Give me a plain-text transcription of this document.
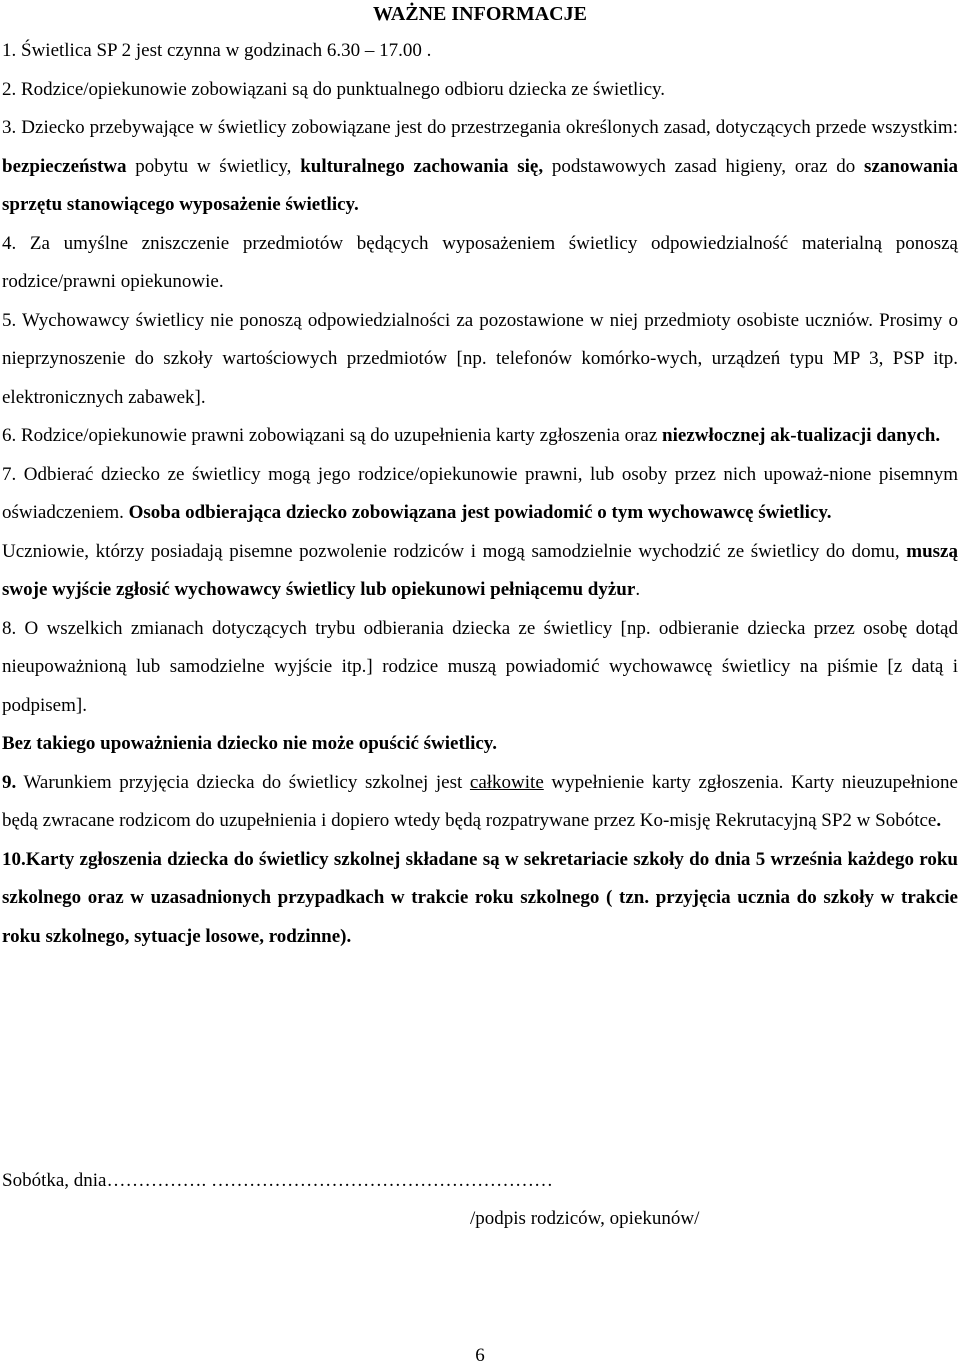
WAŻNE INFORMACJE

1. Świetlica SP 2 jest czynna w godzinach 6.30 – 17.00 .

2. Rodzice/opiekunowie zobowiązani są do punktualnego odbioru dziecka ze świetlicy.

3. Dziecko przebywające w świetlicy zobowiązane jest do przestrzegania określonych zasad, dotyczących przede wszystkim: bezpieczeństwa pobytu w świetlicy, kulturalnego zachowania się, podstawowych zasad higieny, oraz do szanowania sprzętu stanowiącego wyposażenie świetlicy.

4. Za umyślne zniszczenie przedmiotów będących wyposażeniem świetlicy odpowiedzialność materialną ponoszą rodzice/prawni opiekunowie.

5. Wychowawcy świetlicy nie ponoszą odpowiedzialności za pozostawione w niej przedmioty osobiste uczniów. Prosimy o nieprzynoszenie do szkoły wartościowych przedmiotów [np. telefonów komórko-wych, urządzeń typu MP 3, PSP itp. elektronicznych zabawek].

6. Rodzice/opiekunowie prawni zobowiązani są do uzupełnienia karty zgłoszenia oraz niezwłocznej ak-tualizacji danych.

7. Odbierać dziecko ze świetlicy mogą jego rodzice/opiekunowie prawni, lub osoby przez nich upoważ-nione pisemnym oświadczeniem. Osoba odbierająca dziecko zobowiązana jest powiadomić o tym wychowawcę świetlicy.

Uczniowie, którzy posiadają pisemne pozwolenie rodziców i mogą samodzielnie wychodzić ze świetlicy do domu, muszą swoje wyjście zgłosić wychowawcy świetlicy lub opiekunowi pełniącemu dyżur.

8. O wszelkich zmianach dotyczących trybu odbierania dziecka ze świetlicy [np. odbieranie dziecka przez osobę dotąd nieupoważnioną lub samodzielne wyjście itp.] rodzice muszą powiadomić wychowawcę świetlicy na piśmie [z datą i podpisem].

Bez takiego upoważnienia dziecko nie może opuścić świetlicy.

9. Warunkiem przyjęcia dziecka do świetlicy szkolnej jest całkowite wypełnienie karty zgłoszenia. Karty nieuzupełnione będą zwracane rodzicom do uzupełnienia i dopiero wtedy będą rozpatrywane przez Ko-misję Rekrutacyjną SP2 w Sobótce.

10.Karty zgłoszenia dziecka do świetlicy szkolnej składane są w sekretariacie szkoły do dnia 5 września każdego roku szkolnego oraz w uzasadnionych przypadkach w trakcie roku szkolnego ( tzn. przyjęcia ucznia do szkoły w trakcie roku szkolnego, sytuacje losowe, rodzinne).

Sobótka, dnia……………. ………………………………………………
/podpis rodziców, opiekunów/
6
